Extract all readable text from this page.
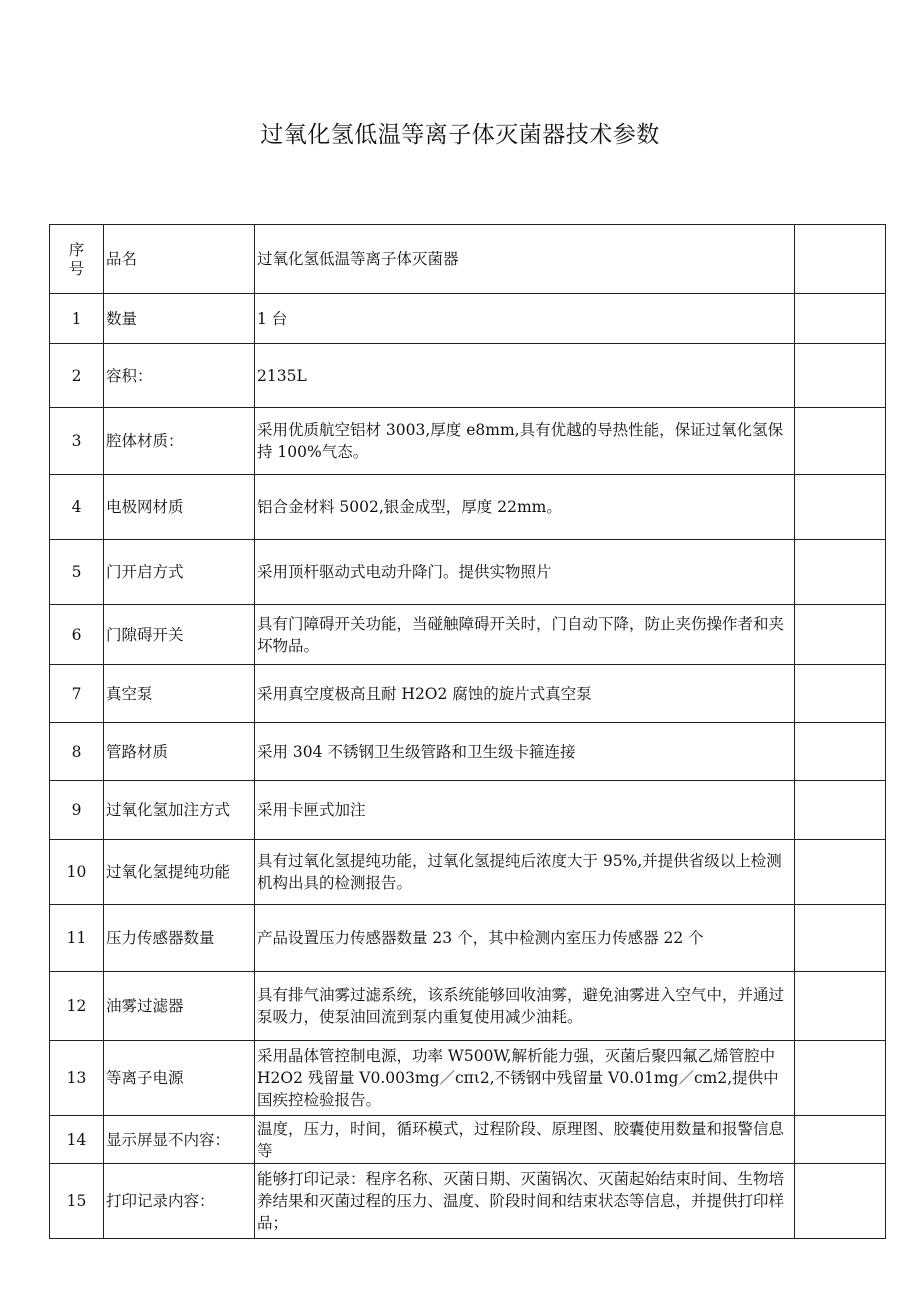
过氧化氢低温等离子体灭菌器技术参数
序
号	品名	过氧化氢低温等离子体灭菌器	
1	数量	1 台	
2	容积：	2135L	
3	腔体材质：	采用优质航空铝材 3003,厚度 e8mm,具有优越的导热性能，保证过氧化氢保持 100%气态。	
4	电极网材质	铝合金材料 5002,银金成型，厚度 22mm。	
5	门开启方式	采用顶杆驱动式电动升降门。提供实物照片	
6	门隙碍开关	具有门障碍开关功能，当碰触障碍开关时，门自动下降，防止夹伤操作者和夹坏物品。	
7	真空泵	采用真空度极高且耐 H2O2 腐蚀的旋片式真空泵	
8	管路材质	采用 304 不锈钢卫生级管路和卫生级卡箍连接	
9	过氧化氢加注方式	采用卡匣式加注	
10	过氧化氢提纯功能	具有过氧化氢提纯功能，过氧化氢提纯后浓度大于 95%,并提供省级以上检测机构出具的检测报告。	
11	压力传感器数量	产品设置压力传感器数量 23 个，其中检测内室压力传感器 22 个	
12	油雾过滤器	具有排气油雾过滤系统，该系统能够回收油雾，避免油雾进入空气中，并通过泵吸力，使泵油回流到泵内重复使用减少油耗。	
13	等离子电源	采用晶体管控制电源，功率 W500W,解析能力强，灭菌后聚四氟乙烯管腔中 H2O2 残留量 V0.003mg／cπι2,不锈钢中残留量 V0.01mg／cm2,提供中国疾控检验报告。	
14	显示屏显不内容：	温度，压力，时间，循环模式，过程阶段、原理图、胶囊使用数量和报警信息等	
15	打印记录内容：	能够打印记录：程序名称、灭菌日期、灭菌锅次、灭菌起始结束时间、生物培养结果和灭菌过程的压力、温度、阶段时间和结束状态等信息，并提供打印样品；	
